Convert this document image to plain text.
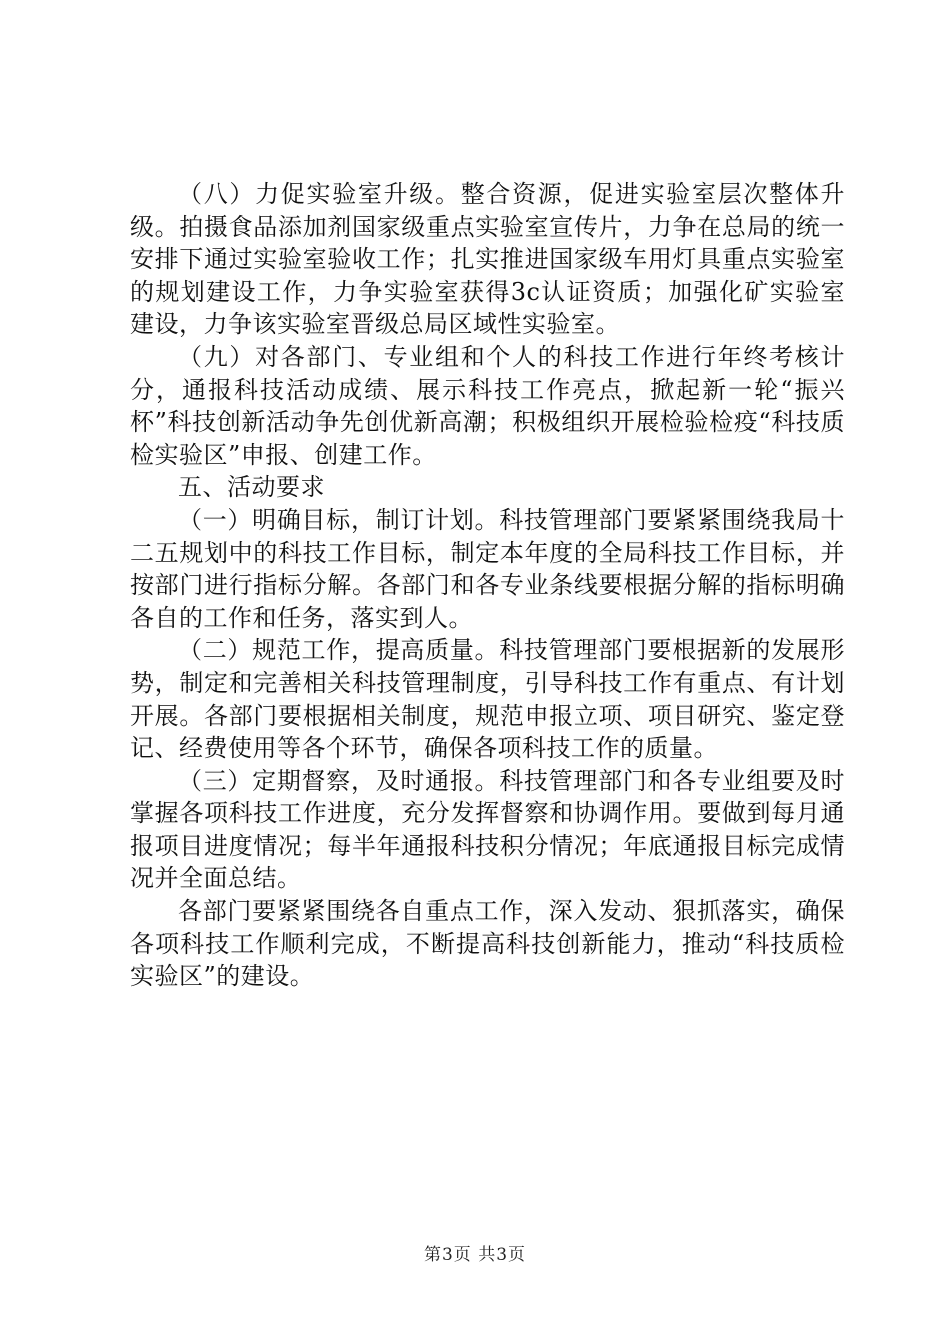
（八）力促实验室升级。整合资源，促进实验室层次整体升级。拍摄食品添加剂国家级重点实验室宣传片，力争在总局的统一安排下通过实验室验收工作；扎实推进国家级车用灯具重点实验室的规划建设工作，力争实验室获得3c认证资质；加强化矿实验室建设，力争该实验室晋级总局区域性实验室。

（九）对各部门、专业组和个人的科技工作进行年终考核计分，通报科技活动成绩、展示科技工作亮点，掀起新一轮“振兴杯”科技创新活动争先创优新高潮；积极组织开展检验检疫“科技质检实验区”申报、创建工作。

五、活动要求

（一）明确目标，制订计划。科技管理部门要紧紧围绕我局十二五规划中的科技工作目标，制定本年度的全局科技工作目标，并按部门进行指标分解。各部门和各专业条线要根据分解的指标明确各自的工作和任务，落实到人。

（二）规范工作，提高质量。科技管理部门要根据新的发展形势，制定和完善相关科技管理制度，引导科技工作有重点、有计划开展。各部门要根据相关制度，规范申报立项、项目研究、鉴定登记、经费使用等各个环节，确保各项科技工作的质量。

（三）定期督察，及时通报。科技管理部门和各专业组要及时掌握各项科技工作进度，充分发挥督察和协调作用。要做到每月通报项目进度情况；每半年通报科技积分情况；年底通报目标完成情况并全面总结。

各部门要紧紧围绕各自重点工作，深入发动、狠抓落实，确保各项科技工作顺利完成，不断提高科技创新能力，推动“科技质检实验区”的建设。

第3页 共3页
